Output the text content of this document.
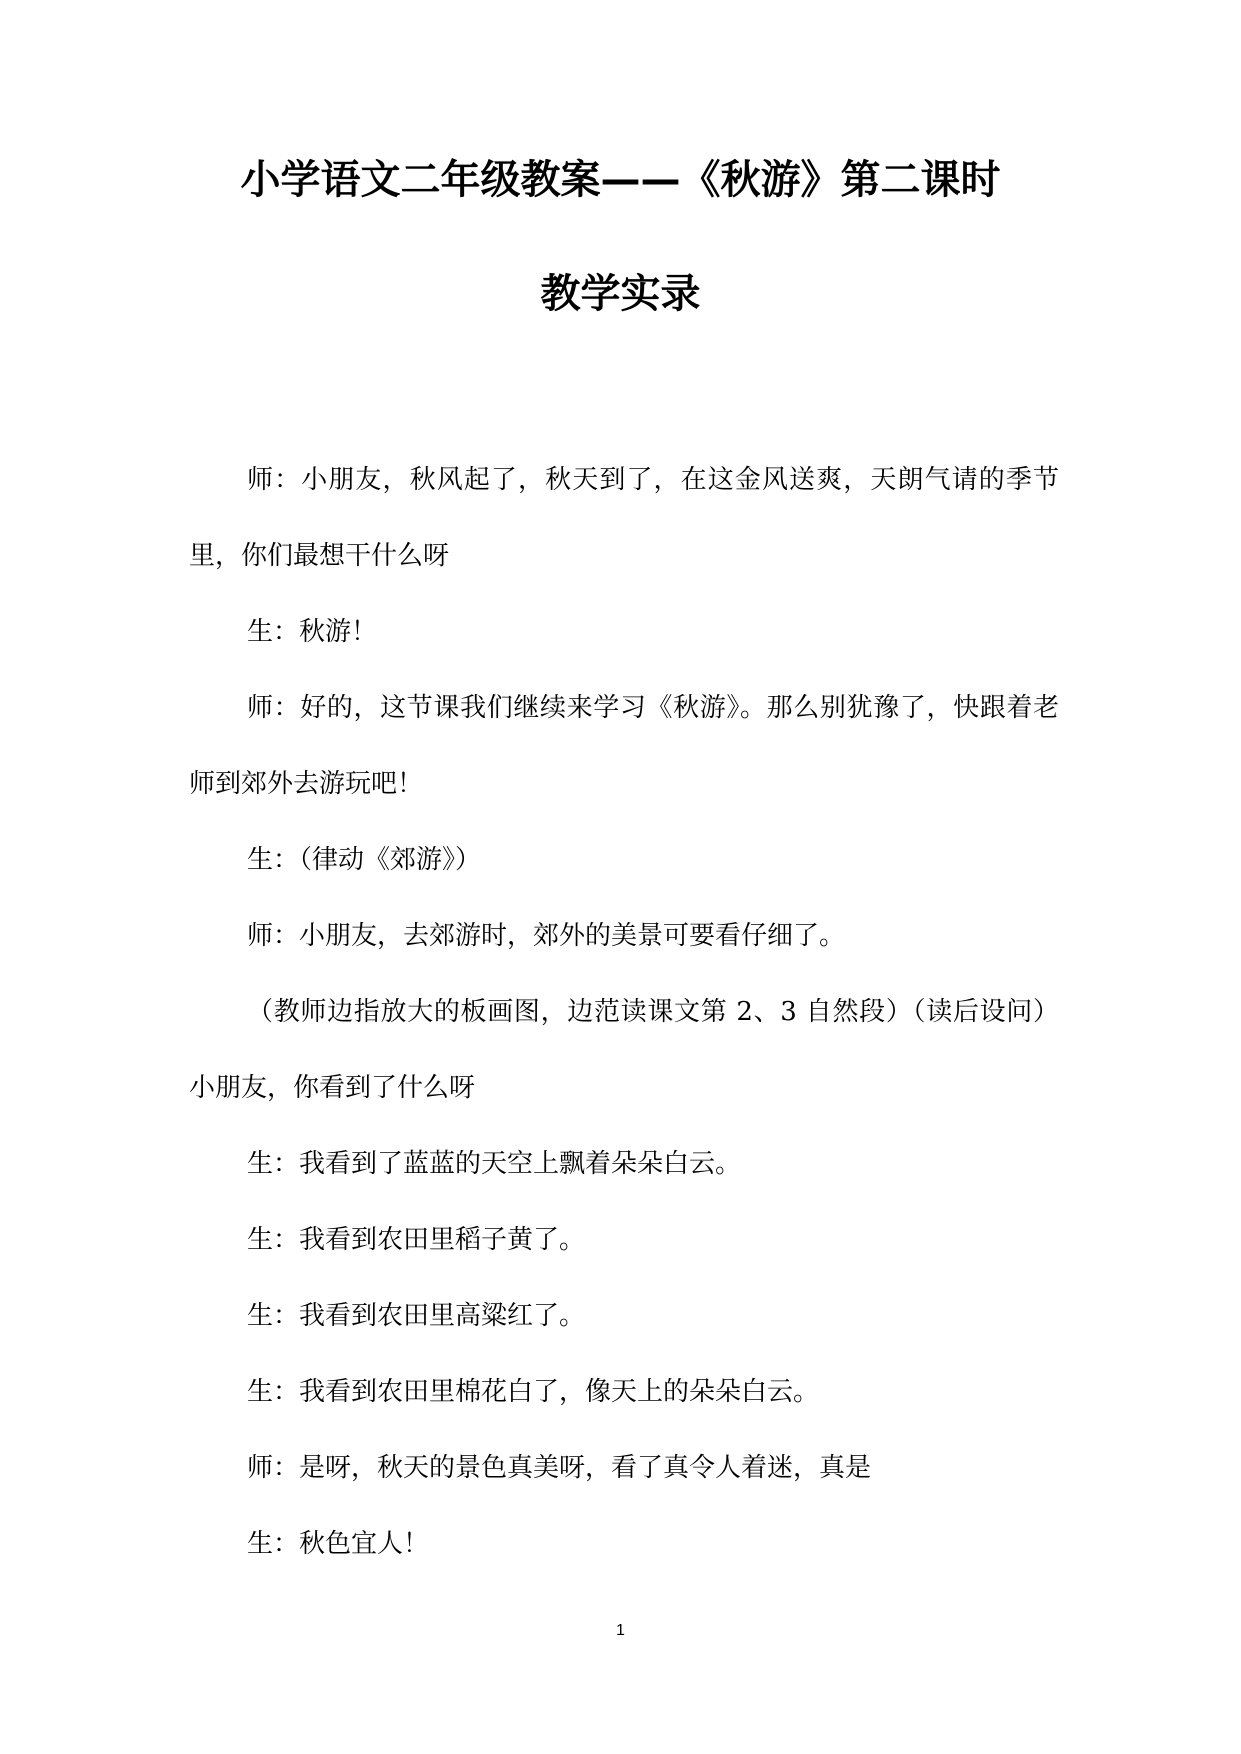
小学语文二年级教案——《秋游》第二课时
教学实录

师：小朋友，秋风起了，秋天到了，在这金风送爽，天朗气请的季节里，你们最想干什么呀

生：秋游！

师：好的，这节课我们继续来学习《秋游》。那么别犹豫了，快跟着老师到郊外去游玩吧！

生：（律动《郊游》）

师：小朋友，去郊游时，郊外的美景可要看仔细了。

（教师边指放大的板画图，边范读课文第 2、3 自然段）（读后设问）小朋友，你看到了什么呀

生：我看到了蓝蓝的天空上飘着朵朵白云。

生：我看到农田里稻子黄了。

生：我看到农田里高粱红了。

生：我看到农田里棉花白了，像天上的朵朵白云。

师：是呀，秋天的景色真美呀，看了真令人着迷，真是

生：秋色宜人！

1
